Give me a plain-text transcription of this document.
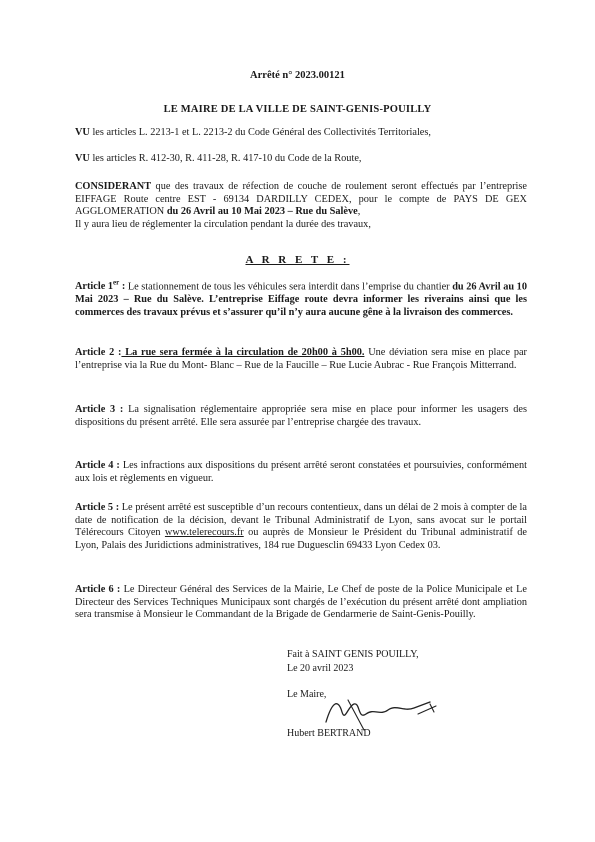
Arrêté n° 2023.00121
LE MAIRE DE LA VILLE DE SAINT-GENIS-POUILLY
VU les articles L. 2213-1 et L. 2213-2 du Code Général des Collectivités Territoriales,
VU les articles R. 412-30, R. 411-28, R. 417-10 du Code de la Route,
CONSIDERANT que des travaux de réfection de couche de roulement seront effectués par l’entreprise EIFFAGE Route centre EST - 69134 DARDILLY CEDEX, pour le compte de PAYS DE GEX AGGLOMERATION du 26 Avril au 10 Mai 2023 – Rue du Salève,
Il y aura lieu de réglementer la circulation pendant la durée des travaux,
A R R E T E :
Article 1er : Le stationnement de tous les véhicules sera interdit dans l’emprise du chantier du 26 Avril au 10 Mai 2023 – Rue du Salève. L’entreprise Eiffage route devra informer les riverains ainsi que les commerces des travaux prévus et s’assurer qu’il n’y aura aucune gêne à la livraison des commerces.
Article 2 : La rue sera fermée à la circulation de 20h00 à 5h00. Une déviation sera mise en place par l’entreprise via la Rue du Mont- Blanc – Rue de la Faucille – Rue Lucie Aubrac - Rue François Mitterrand.
Article 3 : La signalisation réglementaire appropriée sera mise en place pour informer les usagers des dispositions du présent arrêté. Elle sera assurée par l’entreprise chargée des travaux.
Article 4 : Les infractions aux dispositions du présent arrêté seront constatées et poursuivies, conformément aux lois et règlements en vigueur.
Article 5 : Le présent arrêté est susceptible d’un recours contentieux, dans un délai de 2 mois à compter de la date de notification de la décision, devant le Tribunal Administratif de Lyon, sans avocat sur le portail Télérecours Citoyen www.telerecours.fr ou auprès de Monsieur le Président du Tribunal administratif de Lyon, Palais des Juridictions administratives, 184 rue Duguesclin 69433 Lyon Cedex 03.
Article 6 : Le Directeur Général des Services de la Mairie, Le Chef de poste de la Police Municipale et Le Directeur des Services Techniques Municipaux sont chargés de l’exécution du présent arrêté dont ampliation sera transmise à Monsieur le Commandant de la Brigade de Gendarmerie de Saint-Genis-Pouilly.
Fait à SAINT GENIS POUILLY,
Le 20 avril 2023
Le Maire,
Hubert BERTRAND
